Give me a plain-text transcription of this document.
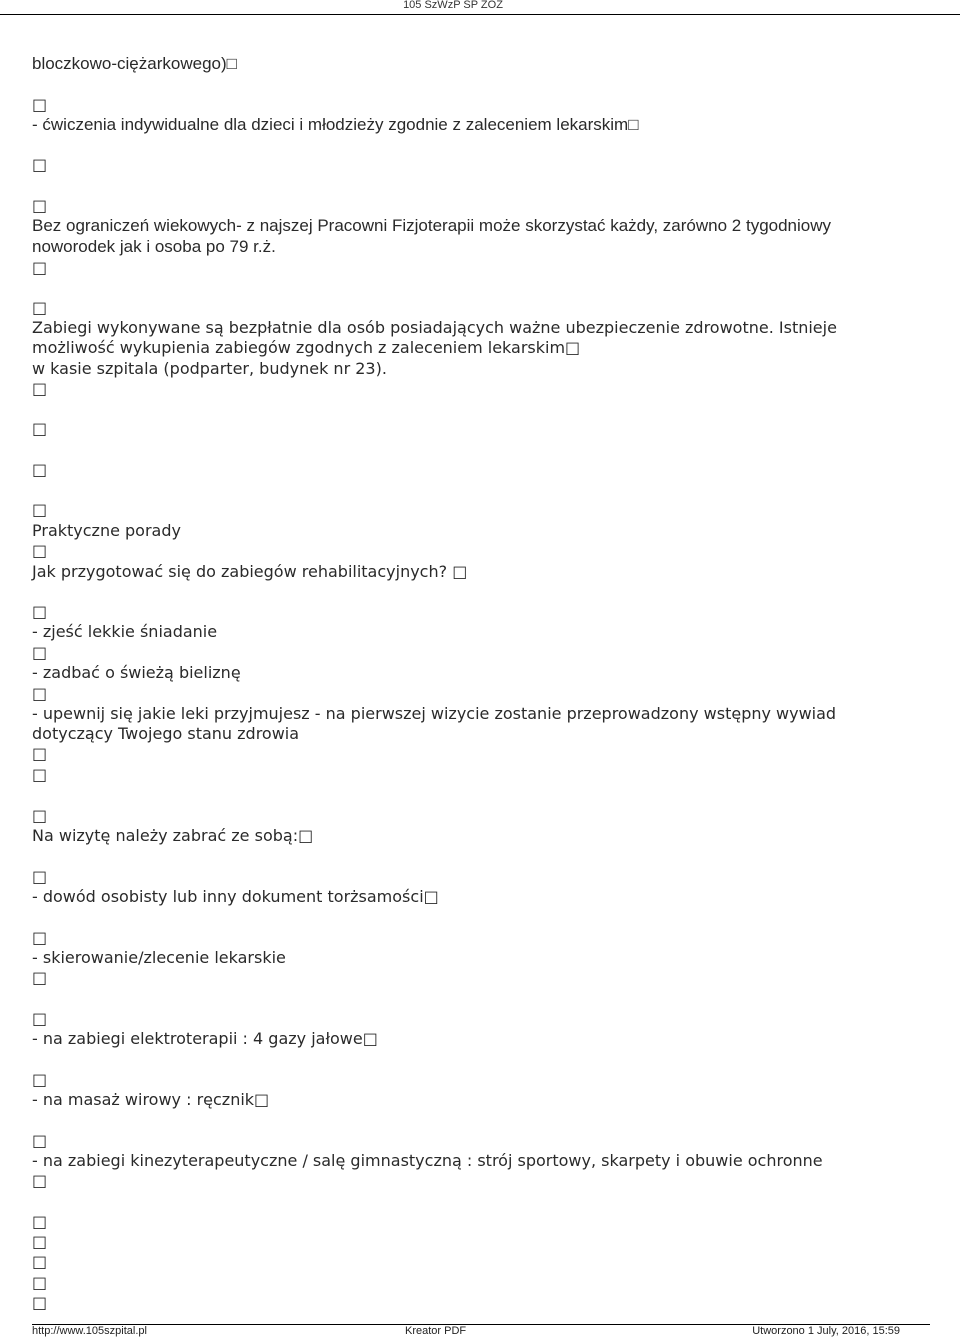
105 SzWzP SP ZOZ

bloczkowo-ciężarkowego)□

□

- ćwiczenia indywidualne dla dzieci i młodzieży zgodnie z zaleceniem lekarskim□

□

□

Bez ograniczeń wiekowych- z najszej Pracowni Fizjoterapii może skorzystać każdy, zarówno 2 tygodniowy

noworodek jak i osoba po 79 r.ż.

□

□

Zabiegi wykonywane są bezpłatnie dla osób posiadających ważne ubezpieczenie zdrowotne. Istnieje

możliwość wykupienia zabiegów zgodnych z zaleceniem lekarskim□

w kasie szpitala (podparter, budynek nr 23).

□

□

□

□

Praktyczne porady

□

Jak przygotować się do zabiegów rehabilitacyjnych? □

□

- zjeść lekkie śniadanie

□

- zadbać o świeżą bieliznę

□

- upewnij się jakie leki przyjmujesz - na pierwszej wizycie zostanie przeprowadzony wstępny wywiad

dotyczący Twojego stanu zdrowia

□

□

□

Na wizytę należy zabrać ze sobą:□

□

- dowód osobisty lub inny dokument torżsamości□

□

- skierowanie/zlecenie lekarskie

□

□

- na zabiegi elektroterapii : 4 gazy jałowe□

□

- na masaż wirowy : ręcznik□

□

- na zabiegi kinezyterapeutyczne / salę gimnastyczną : strój sportowy, skarpety i obuwie ochronne

□

□

□

□

□

□

http://www.105szpital.pl	Kreator PDF	Utworzono 1 July, 2016, 15:59
